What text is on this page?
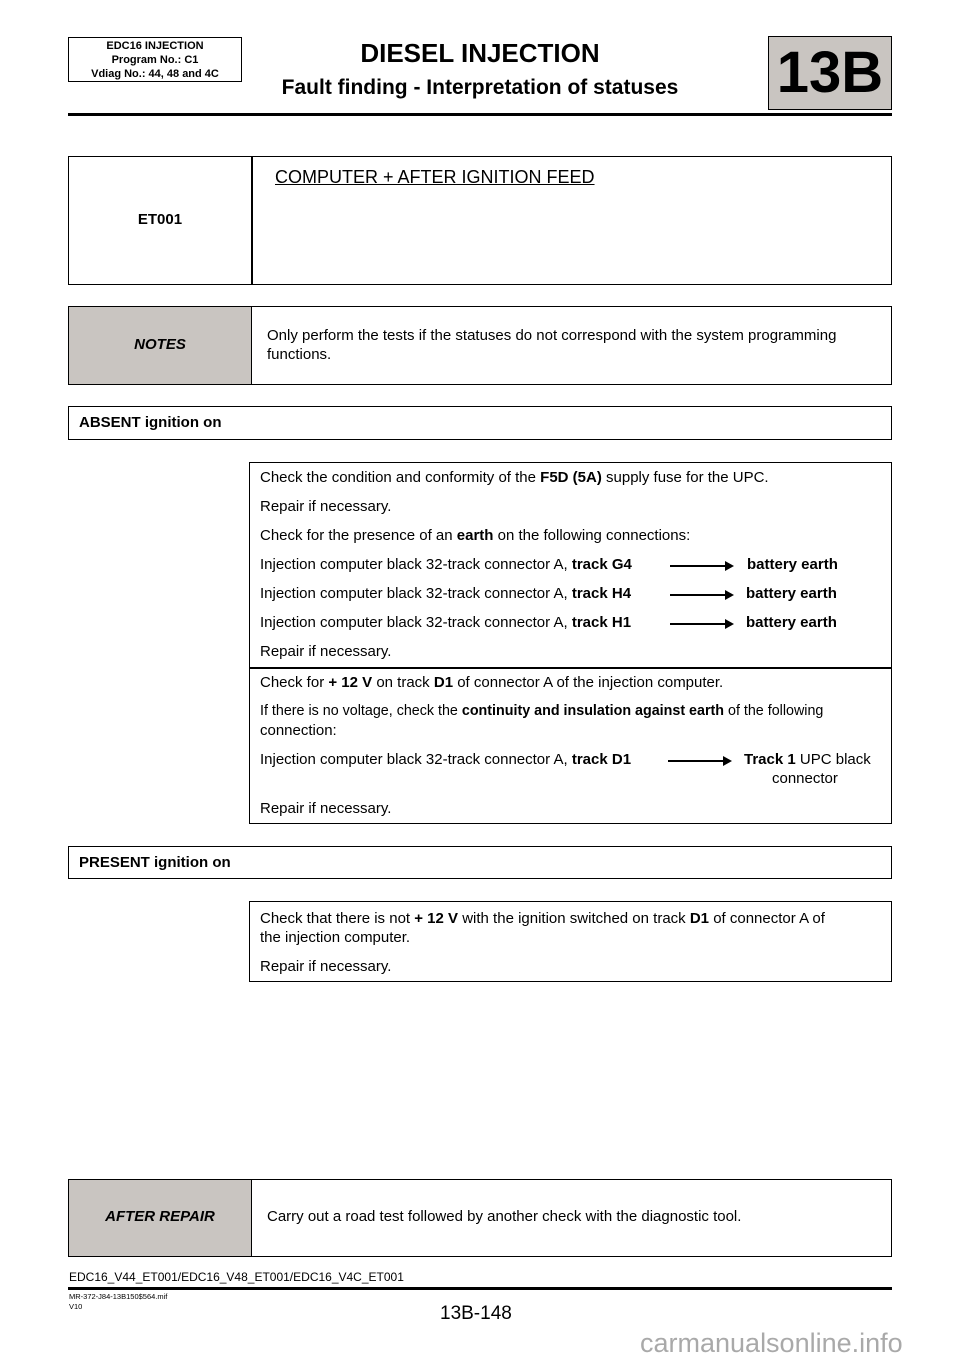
EDC16 INJECTION
Program No.: C1
Vdiag No.: 44, 48 and 4C
DIESEL INJECTION
Fault finding - Interpretation of statuses	13B
ET001
COMPUTER + AFTER IGNITION FEED
NOTES
Only perform the tests if the statuses do not correspond with the system programming
functions.
ABSENT ignition on
Check the condition and conformity of the F5D (5A) supply fuse for the UPC.
Repair if necessary.
Check for the presence of an earth on the following connections:
Injection computer black 32-track connector A, track G4	battery earth
Injection computer black 32-track connector A, track H4	battery earth
Injection computer black 32-track connector A, track H1	battery earth
Repair if necessary.
Check for + 12 V on track D1 of connector A of the injection computer.
If there is no voltage, check the continuity and insulation against earth of the following
connection:
Injection computer black 32-track connector A, track D1	Track 1 UPC black
connector
Repair if necessary.
PRESENT ignition on
Check that there is not + 12 V with the ignition switched on track D1 of connector A of
the injection computer.
Repair if necessary.
AFTER REPAIR	Carry out a road test followed by another check with the diagnostic tool.
EDC16_V44_ET001/EDC16_V48_ET001/EDC16_V4C_ET001
MR-372-J84-13B150$564.mif
V10	13B-148
carmanualsonline.info
